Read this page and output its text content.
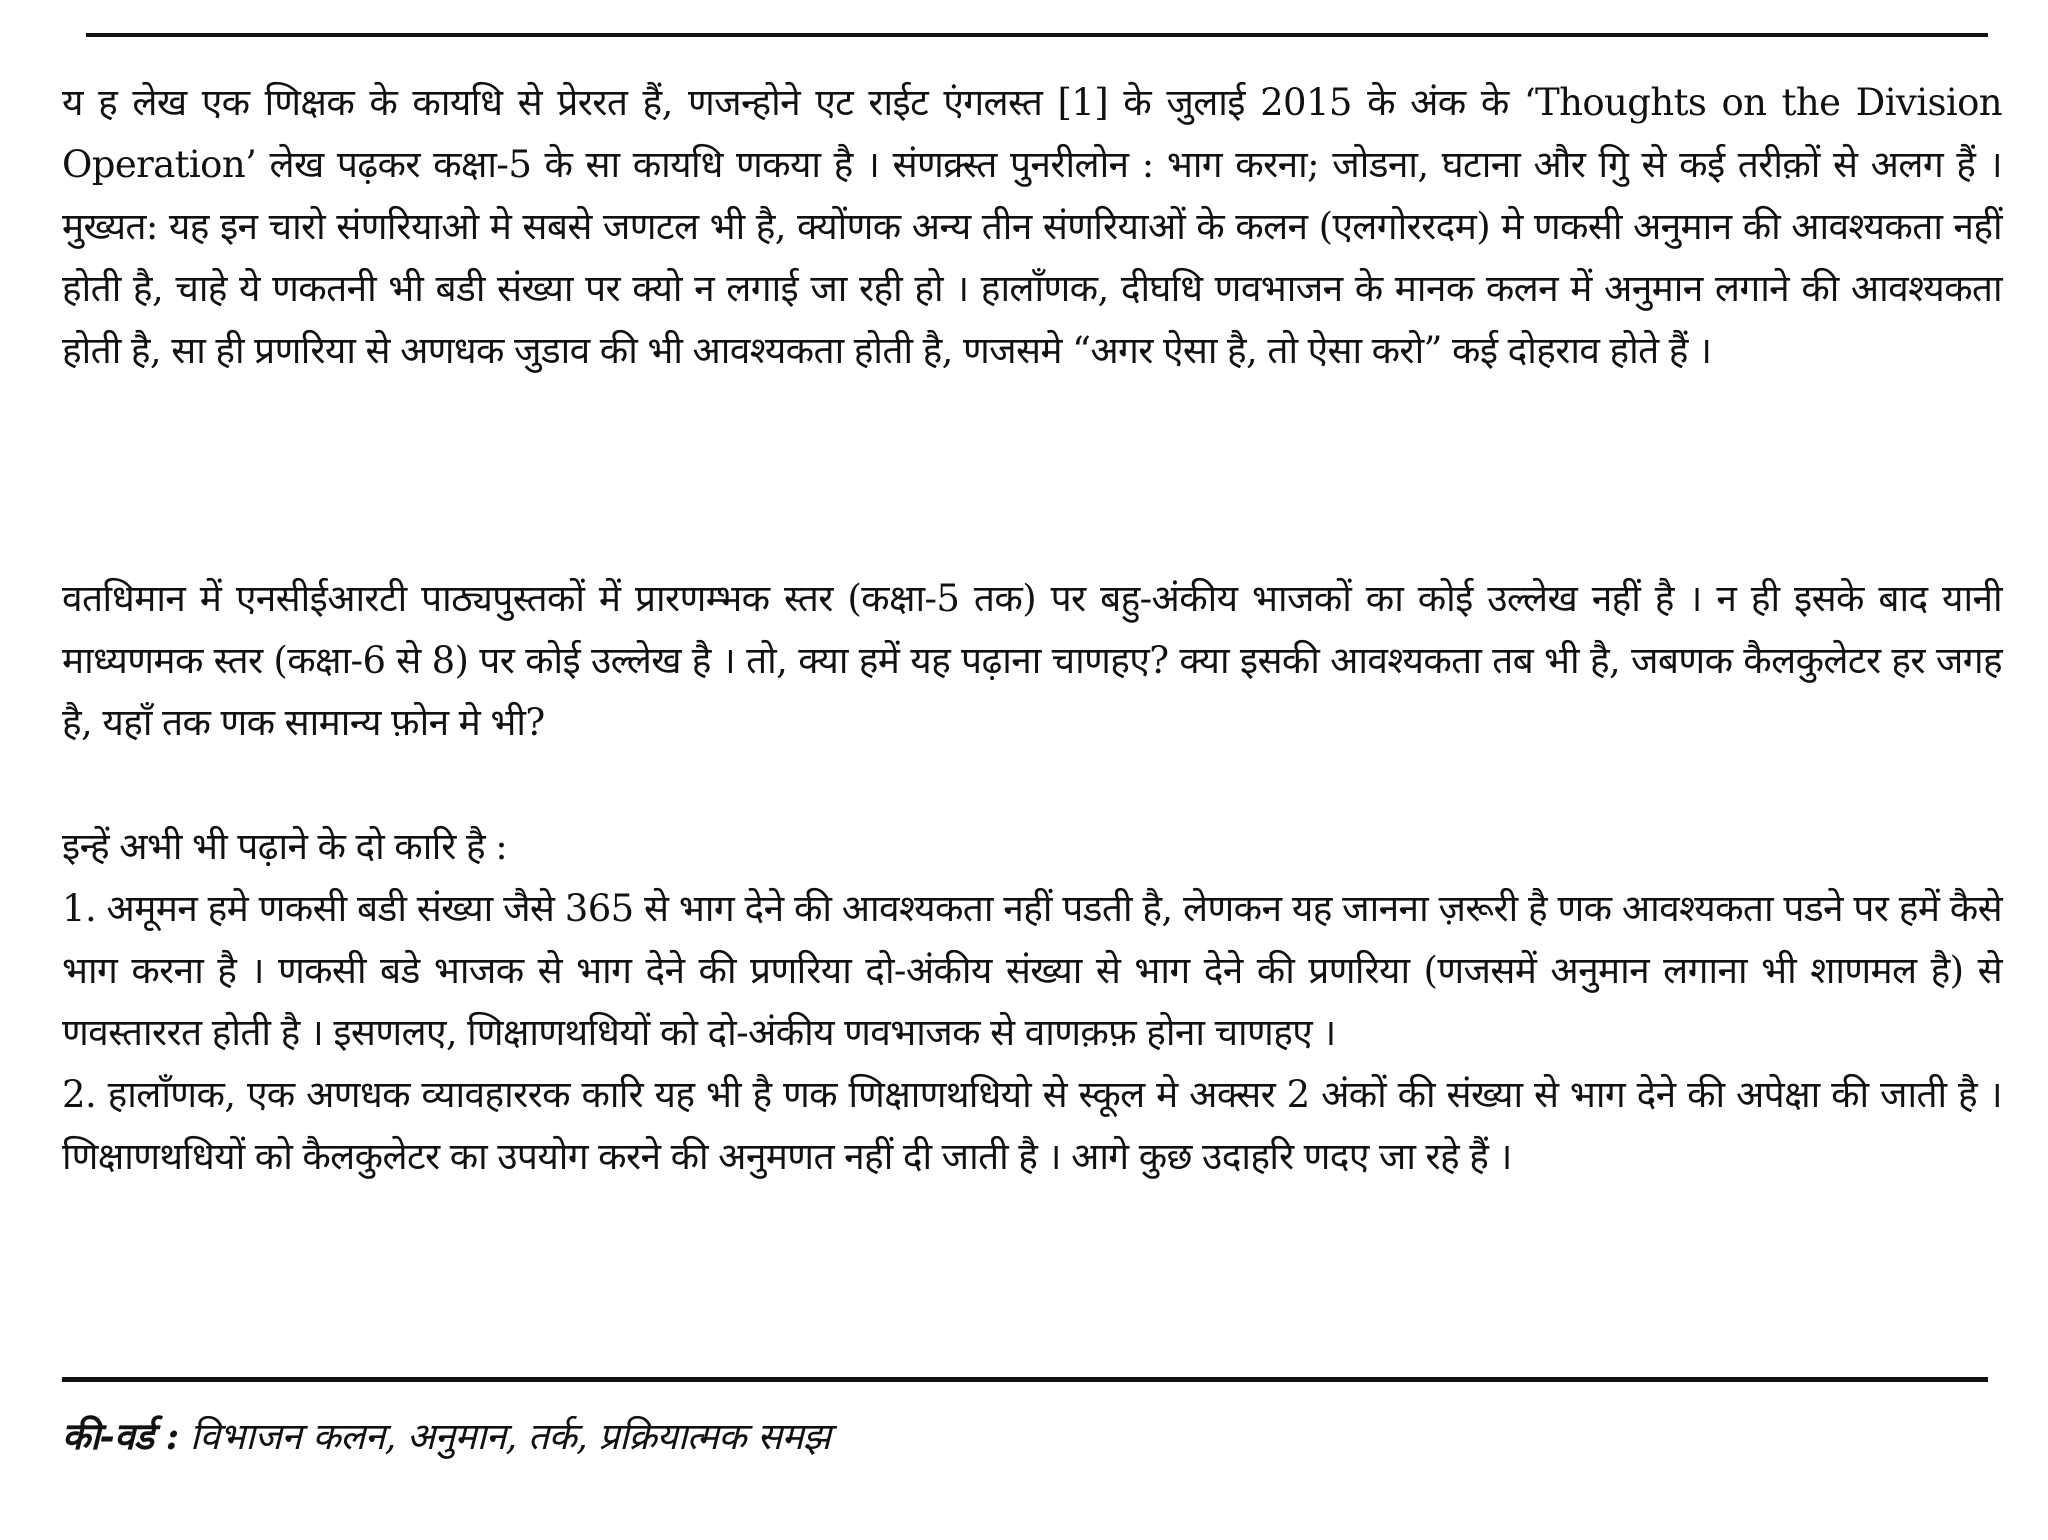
य ह लेख एक णिक्षक के कायधि से प्रेररत हैं, णजन्होने एट राईट एंगलस्त [1] के जुलाई 2015 के अंक के ‘Thoughts on the Division Operation’ लेख पढ़कर कक्षा-5 के सा कायधि णकया है । संणक्र्स्त पुनरीलोन : भाग करना; जोडना, घटाना और गुि से कई तरीक़ों से अलग हैं । मुख्यत: यह इन चारो संणरियाओ मे सबसे जणटल भी है, क्योंणक अन्य तीन संणरियाओं के कलन (एलगोररदम) मे णकसी अनुमान की आवश्यकता नहीं होती है, चाहे ये णकतनी भी बडी संख्या पर क्यो न लगाई जा रही हो । हालाँणक, दीघधि णवभाजन के मानक कलन में अनुमान लगाने की आवश्यकता होती है, सा ही प्रणरिया से अणधक जुडाव की भी आवश्यकता होती है, णजसमे “अगर ऐसा है, तो ऐसा करो” कई दोहराव होते हैं ।

वतधिमान में एनसीईआरटी पाठ्यपुस्तकों में प्रारणम्भक स्तर (कक्षा-5 तक) पर बहु-अंकीय भाजकों का कोई उल्लेख नहीं है । न ही इसके बाद यानी माध्यणमक स्तर (कक्षा-6 से 8) पर कोई उल्लेख है । तो, क्या हमें यह पढ़ाना चाणहए? क्या इसकी आवश्यकता तब भी है, जबणक कैलकुलेटर हर जगह है, यहाँ तक णक सामान्य फ़ोन मे भी?

इन्हें अभी भी पढ़ाने के दो कारि है :

1. अमूमन हमे णकसी बडी संख्या जैसे 365 से भाग देने की आवश्यकता नहीं पडती है, लेणकन यह जानना ज़रूरी है णक आवश्यकता पडने पर हमें कैसे भाग करना है । णकसी बडे भाजक से भाग देने की प्रणरिया दो-अंकीय संख्या से भाग देने की प्रणरिया (णजसमें अनुमान लगाना भी शाणमल है) से णवस्ताररत होती है । इसणलए, णिक्षाणथधियों को दो-अंकीय णवभाजक से वाणक़फ़ होना चाणहए ।

2. हालाँणक, एक अणधक व्यावहाररक कारि यह भी है णक णिक्षाणथधियो से स्कूल मे अक्सर 2 अंकों की संख्या से भाग देने की अपेक्षा की जाती है । णिक्षाणथधियों को कैलकुलेटर का उपयोग करने की अनुमणत नहीं दी जाती है । आगे कुछ उदाहरि णदए जा रहे हैं ।

की-वर्ड : विभाजन कलन, अनुमान, तर्क, प्रक्रियात्मक समझ
